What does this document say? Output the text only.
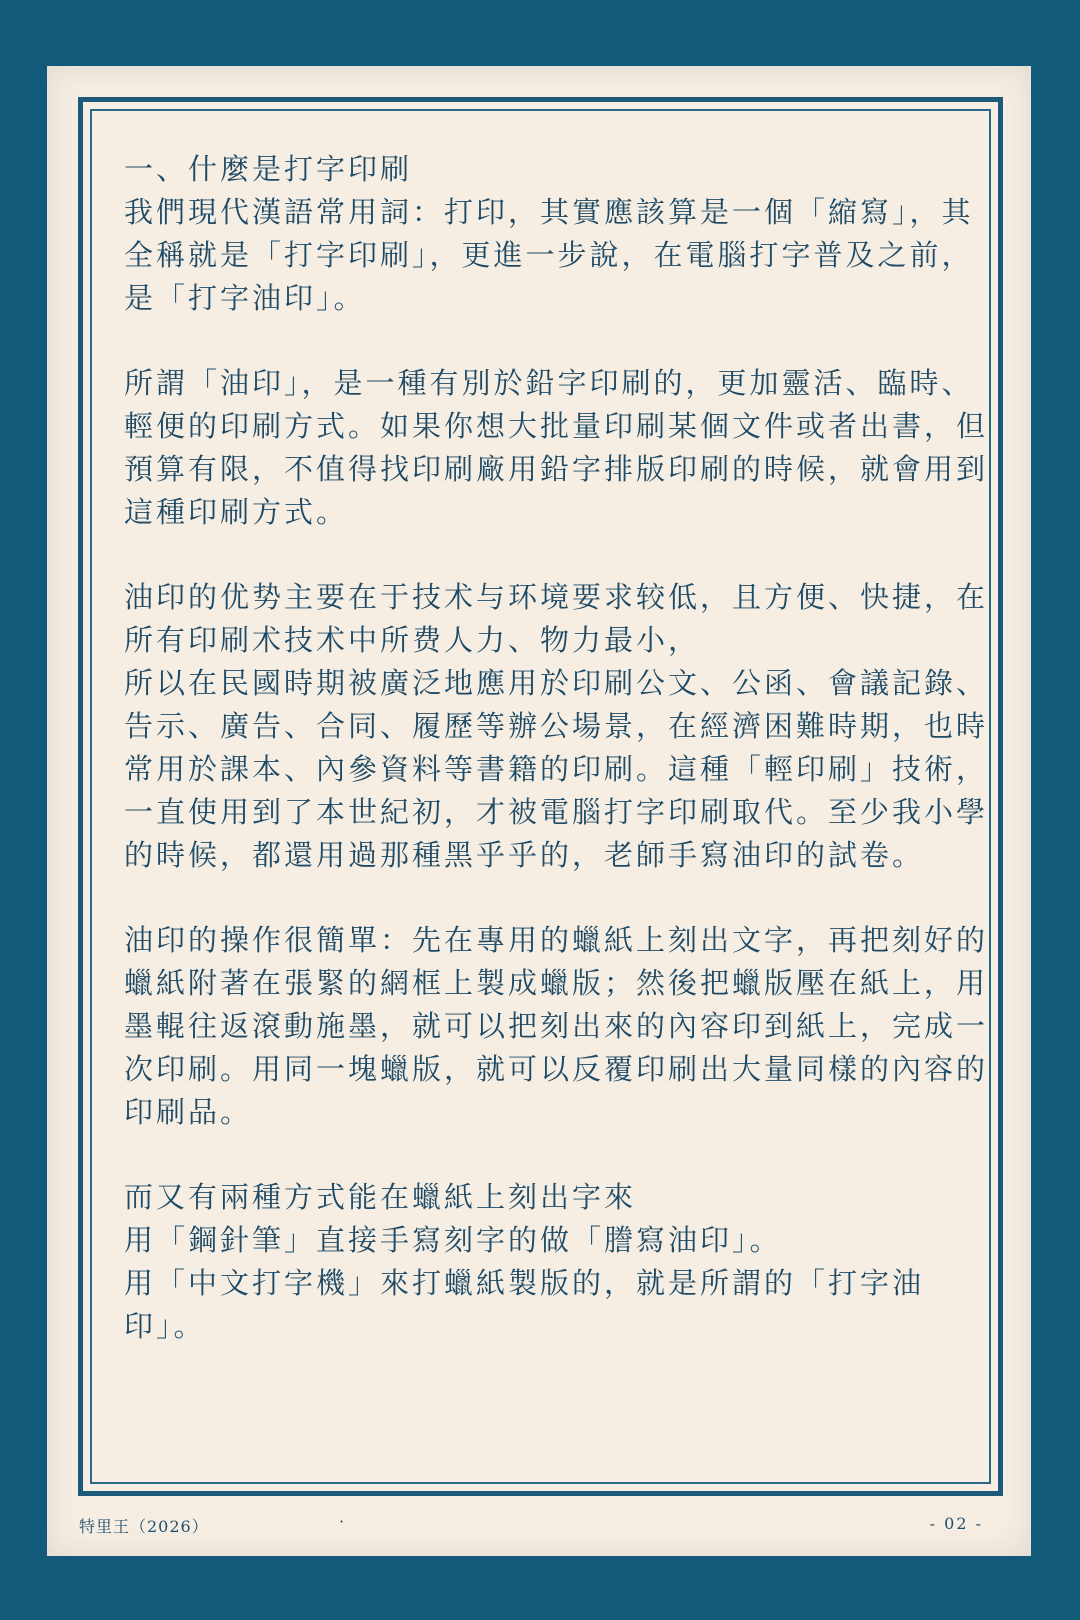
一、什麼是打字印刷
我們現代漢語常用詞：打印，其實應該算是一個「縮寫」，其全稱就是「打字印刷」，更進一步說，在電腦打字普及之前，是「打字油印」。

所謂「油印」，是一種有別於鉛字印刷的，更加靈活、臨時、輕便的印刷方式。如果你想大批量印刷某個文件或者出書，但預算有限，不值得找印刷廠用鉛字排版印刷的時候，就會用到這種印刷方式。

油印的优势主要在于技术与环境要求较低，且方便、快捷，在所有印刷术技术中所费人力、物力最小，
所以在民國時期被廣泛地應用於印刷公文、公函、會議記錄、告示、廣告、合同、履歷等辦公場景，在經濟困難時期，也時常用於課本、內參資料等書籍的印刷。這種「輕印刷」技術，一直使用到了本世紀初，才被電腦打字印刷取代。至少我小學的時候，都還用過那種黑乎乎的，老師手寫油印的試卷。

油印的操作很簡單：先在專用的蠟紙上刻出文字，再把刻好的蠟紙附著在張緊的網框上製成蠟版；然後把蠟版壓在紙上，用墨輥往返滾動施墨，就可以把刻出來的內容印到紙上，完成一次印刷。用同一塊蠟版，就可以反覆印刷出大量同樣的內容的印刷品。

而又有兩種方式能在蠟紙上刻出字來
用「鋼針筆」直接手寫刻字的做「謄寫油印」。
用「中文打字機」來打蠟紙製版的，就是所謂的「打字油印」。

特里王（2026）	·	- 02 -
